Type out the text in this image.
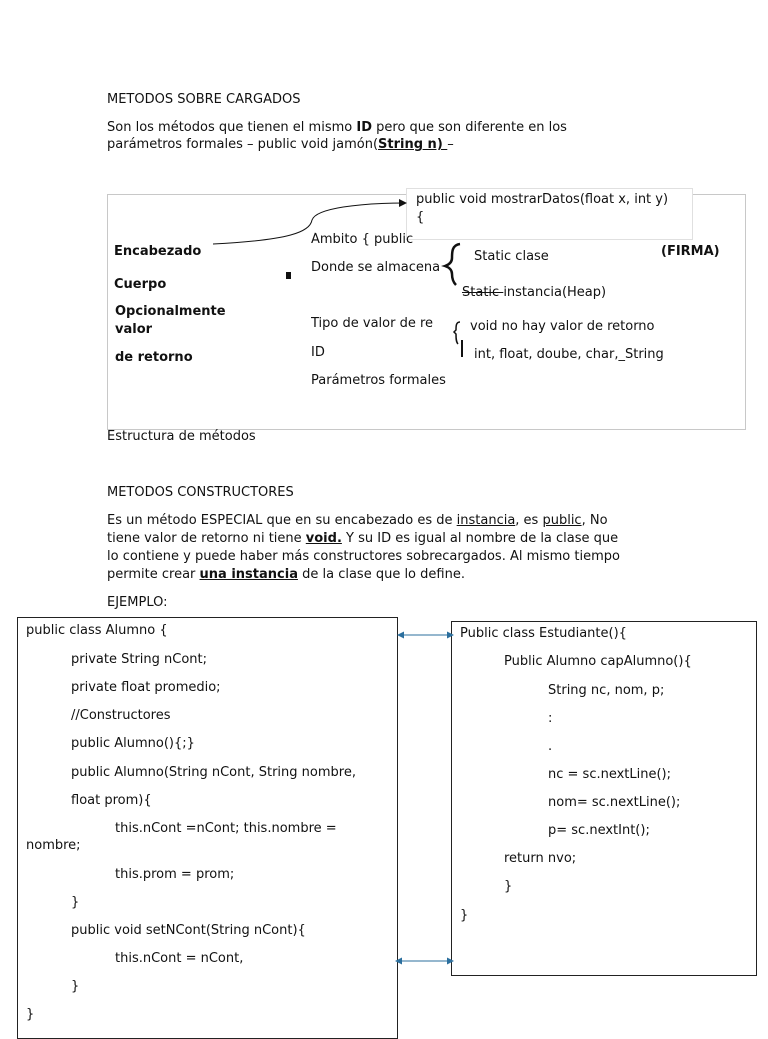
METODOS SOBRE CARGADOS
Son los métodos que tienen el mismo ID pero que son diferente en los
parámetros formales – public void jamón(String n) –
public void mostrarDatos(float x, int y)
{
Encabezado
Cuerpo
Opcionalmente
valor
de retorno
Ámbito { public
Donde se almacena
Tipo de valor de re
ID
Parámetros formales
Static clase
Static instancia(Heap)
(FIRMA)
void no hay valor de retorno
int, float, doube, char,_String
Estructura de métodos
METODOS CONSTRUCTORES
Es un método ESPECIAL que en su encabezado es de instancia, es public, No
tiene valor de retorno ni tiene void. Y su ID es igual al nombre de la clase que
lo contiene y puede haber más constructores sobrecargados. Al mismo tiempo
permite crear una instancia de la clase que lo define.
EJEMPLO:
public class Alumno {
private String nCont;
private float promedio;
//Constructores
public Alumno(){;}
public Alumno(String nCont, String nombre,
float prom){
this.nCont =nCont; this.nombre =
nombre;
this.prom = prom;
}
public void setNCont(String nCont){
this.nCont = nCont,
}
}
Public class Estudiante(){
Public Alumno capAlumno(){
String nc, nom, p;
:
.
nc = sc.nextLine();
nom= sc.nextLine();
p= sc.nextInt();
return nvo;
}
}
